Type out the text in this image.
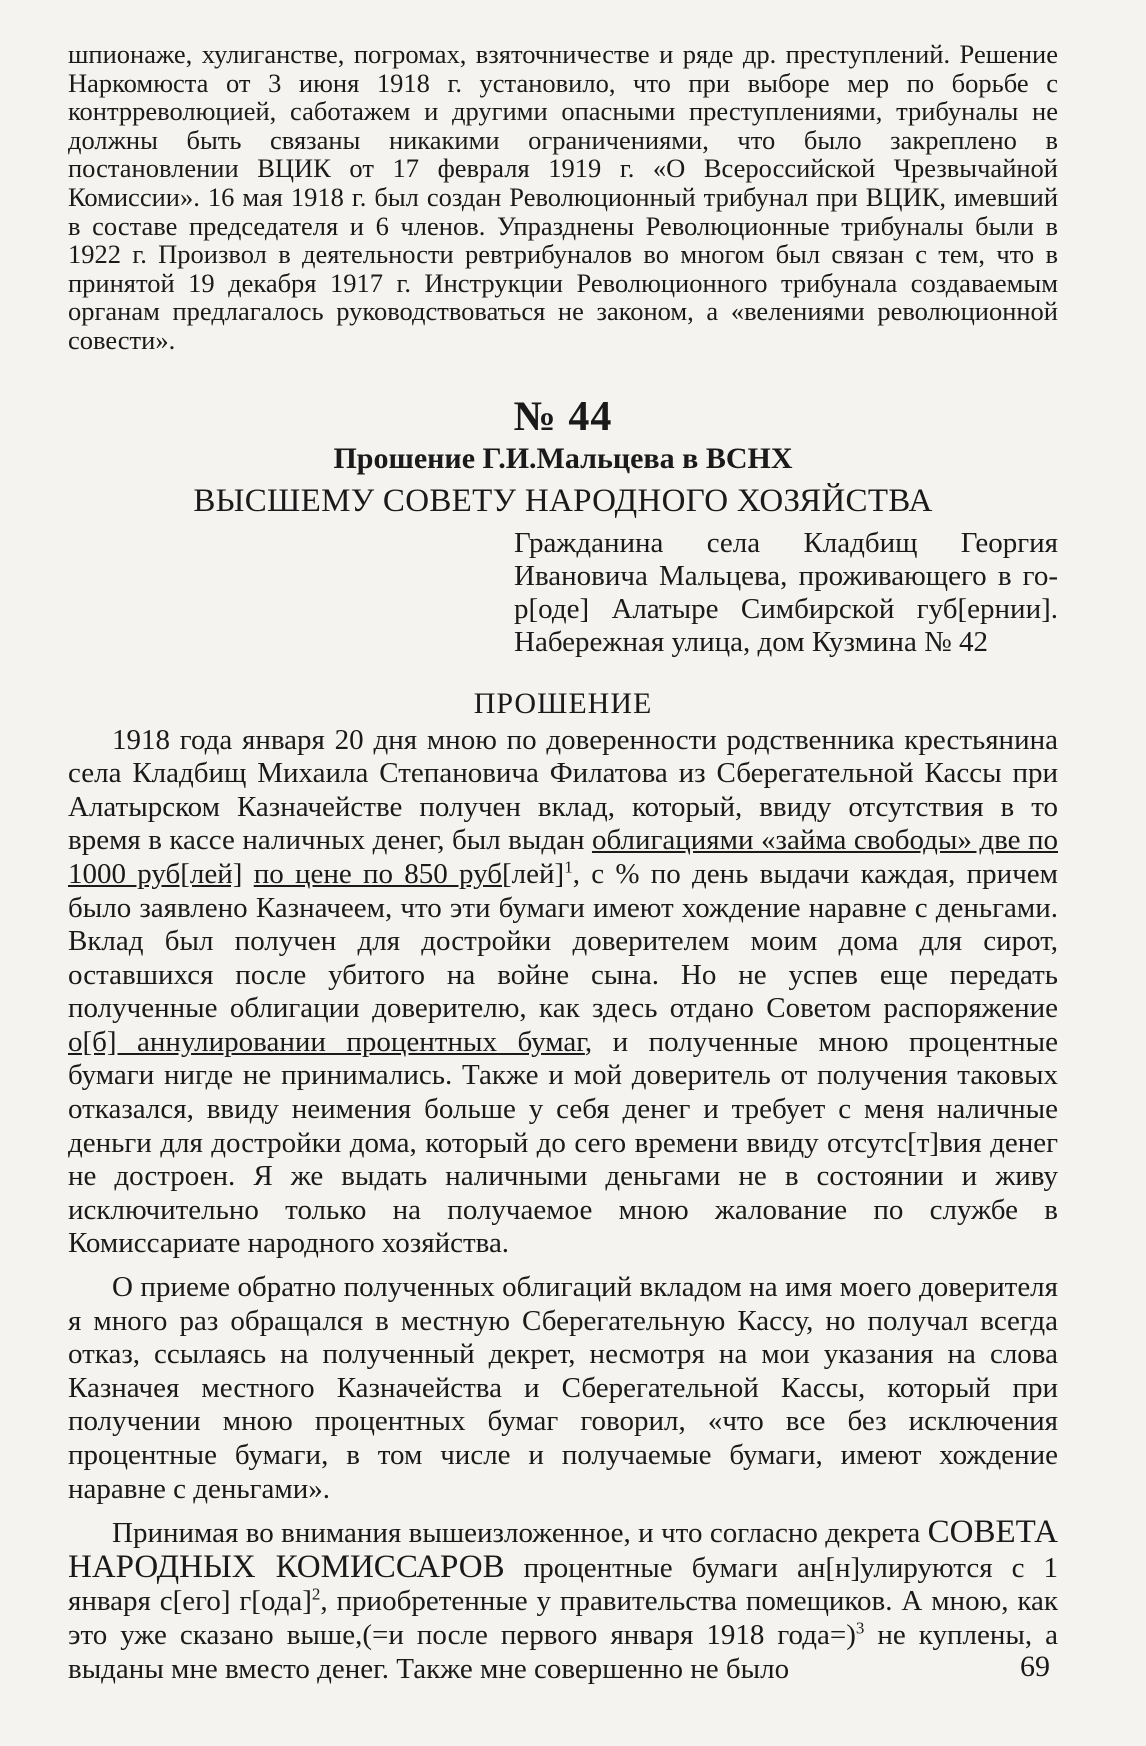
шпионаже, хулиганстве, погромах, взяточничестве и ряде др. преступлений. Решение Наркомюста от 3 июня 1918 г. установило, что при выборе мер по борьбе с контрреволюцией, саботажем и другими опасными преступлениями, трибуналы не должны быть связаны никакими ограничениями, что было закреплено в постановлении ВЦИК от 17 февраля 1919 г. «О Всероссийской Чрезвычайной Комиссии». 16 мая 1918 г. был создан Революционный трибунал при ВЦИК, имевший в составе председателя и 6 членов. Упразднены Революционные трибуналы были в 1922 г. Произвол в деятельности ревтрибуналов во многом был связан с тем, что в принятой 19 декабря 1917 г. Инструкции Революционного трибунала создаваемым органам предлагалось руководствоваться не законом, а «велениями революционной совести».

№ 44
Прошение Г.И.Мальцева в ВСНХ
ВЫСШЕМУ СОВЕТУ НАРОДНОГО ХОЗЯЙСТВА

Гражданина села Кладбищ Георгия Ивановича Мальцева, проживающего в го-р[оде] Алатыре Симбирской губ[ернии]. Набережная улица, дом Кузмина № 42

ПРОШЕНИЕ

1918 года января 20 дня мною по доверенности родственника крестьянина села Кладбищ Михаила Степановича Филатова из Сберегательной Кассы при Алатырском Казначействе получен вклад, который, ввиду отсутствия в то время в кассе наличных денег, был выдан облигациями «займа свободы» две по 1000 руб[лей] по цене по 850 руб[лей]$^1$, с % по день выдачи каждая, причем было заявлено Казначеем, что эти бумаги имеют хождение наравне с деньгами. Вклад был получен для достройки доверителем моим дома для сирот, оставшихся после убитого на войне сына. Но не успев еще передать полученные облигации доверителю, как здесь отдано Советом распоряжение о[б] аннулировании процентных бумаг, и полученные мною процентные бумаги нигде не принимались. Также и мой доверитель от получения таковых отказался, ввиду неимения больше у себя денег и требует с меня наличные деньги для достройки дома, который до сего времени ввиду отсутс[т]вия денег не достроен. Я же выдать наличными деньгами не в состоянии и живу исключительно только на получаемое мною жалование по службе в Комиссариате народного хозяйства.

О приеме обратно полученных облигаций вкладом на имя моего доверителя я много раз обращался в местную Сберегательную Кассу, но получал всегда отказ, ссылаясь на полученный декрет, несмотря на мои указания на слова Казначея местного Казначейства и Сберегательной Кассы, который при получении мною процентных бумаг говорил, «что все без исключения процентные бумаги, в том числе и получаемые бумаги, имеют хождение наравне с деньгами».

Принимая во внимания вышеизложенное, и что согласно декрета СОВЕТА НАРОДНЫХ КОМИССАРОВ процентные бумаги ан[н]улируются с 1 января с[его] г[ода]$^2$, приобретенные у правительства помещиков. А мною, как это уже сказано выше,(=и после первого января 1918 года=)$^3$ не куплены, а выданы мне вместо денег. Также мне совершенно не было	69
